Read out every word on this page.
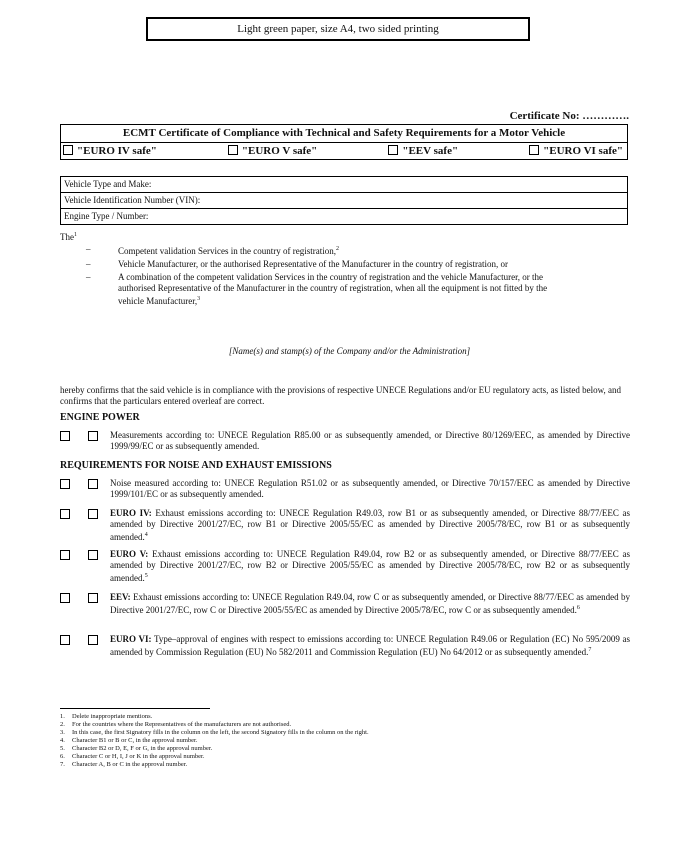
Light green paper, size A4, two sided printing
Certificate No: ………….
ECMT Certificate of Compliance with Technical and Safety Requirements for a Motor Vehicle
"EURO IV safe"	"EURO V safe"	"EEV safe"	"EURO VI safe"
Vehicle Type and Make:
Vehicle Identification Number (VIN):
Engine Type / Number:
The$^1$
–	Competent validation Services in the country of registration,$^2$
–	Vehicle Manufacturer, or the authorised Representative of the Manufacturer in the country of registration, or
–	A combination of the competent validation Services in the country of registration and the vehicle Manufacturer, or the authorised Representative of the Manufacturer in the country of registration, when all the equipment is not fitted by the vehicle Manufacturer,$^3$
[Name(s) and stamp(s) of the Company and/or the Administration]
hereby confirms that the said vehicle is in compliance with the provisions of respective UNECE Regulations and/or EU regulatory acts, as listed below, and confirms that the particulars entered overleaf are correct.
ENGINE POWER
Measurements according to: UNECE Regulation R85.00 or as subsequently amended, or Directive 80/1269/EEC, as amended by Directive 1999/99/EC or as subsequently amended.
REQUIREMENTS FOR NOISE AND EXHAUST EMISSIONS
Noise measured according to: UNECE Regulation R51.02 or as subsequently amended, or Directive 70/157/EEC as amended by Directive 1999/101/EC or as subsequently amended.
EURO IV: Exhaust emissions according to: UNECE Regulation R49.03, row B1 or as subsequently amended, or Directive 88/77/EEC as amended by Directive 2001/27/EC, row B1 or Directive 2005/55/EC as amended by Directive 2005/78/EC, row B1 or as subsequently amended.$^4$
EURO V: Exhaust emissions according to: UNECE Regulation R49.04, row B2 or as subsequently amended, or Directive 88/77/EEC as amended by Directive 2001/27/EC, row B2 or Directive 2005/55/EC as amended by Directive 2005/78/EC, row B2 or as subsequently amended.$^5$
EEV: Exhaust emissions according to: UNECE Regulation R49.04, row C or as subsequently amended, or Directive 88/77/EEC as amended by Directive 2001/27/EC, row C or Directive 2005/55/EC as amended by Directive 2005/78/EC, row C or as subsequently amended.$^6$
EURO VI: Type–approval of engines with respect to emissions according to: UNECE Regulation R49.06 or Regulation (EC) No 595/2009 as amended by Commission Regulation (EU) No 582/2011 and Commission Regulation (EU) No 64/2012 or as subsequently amended.$^7$
1.	Delete inappropriate mentions.
2.	For the countries where the Representatives of the manufacturers are not authorised.
3.	In this case, the first Signatory fills in the column on the left, the second Signatory fills in the column on the right.
4.	Character B1 or B or C, in the approval number.
5.	Character B2 or D, E, F or G, in the approval number.
6.	Character C or H, I, J or K in the approval number.
7.	Character A, B or C in the approval number.
